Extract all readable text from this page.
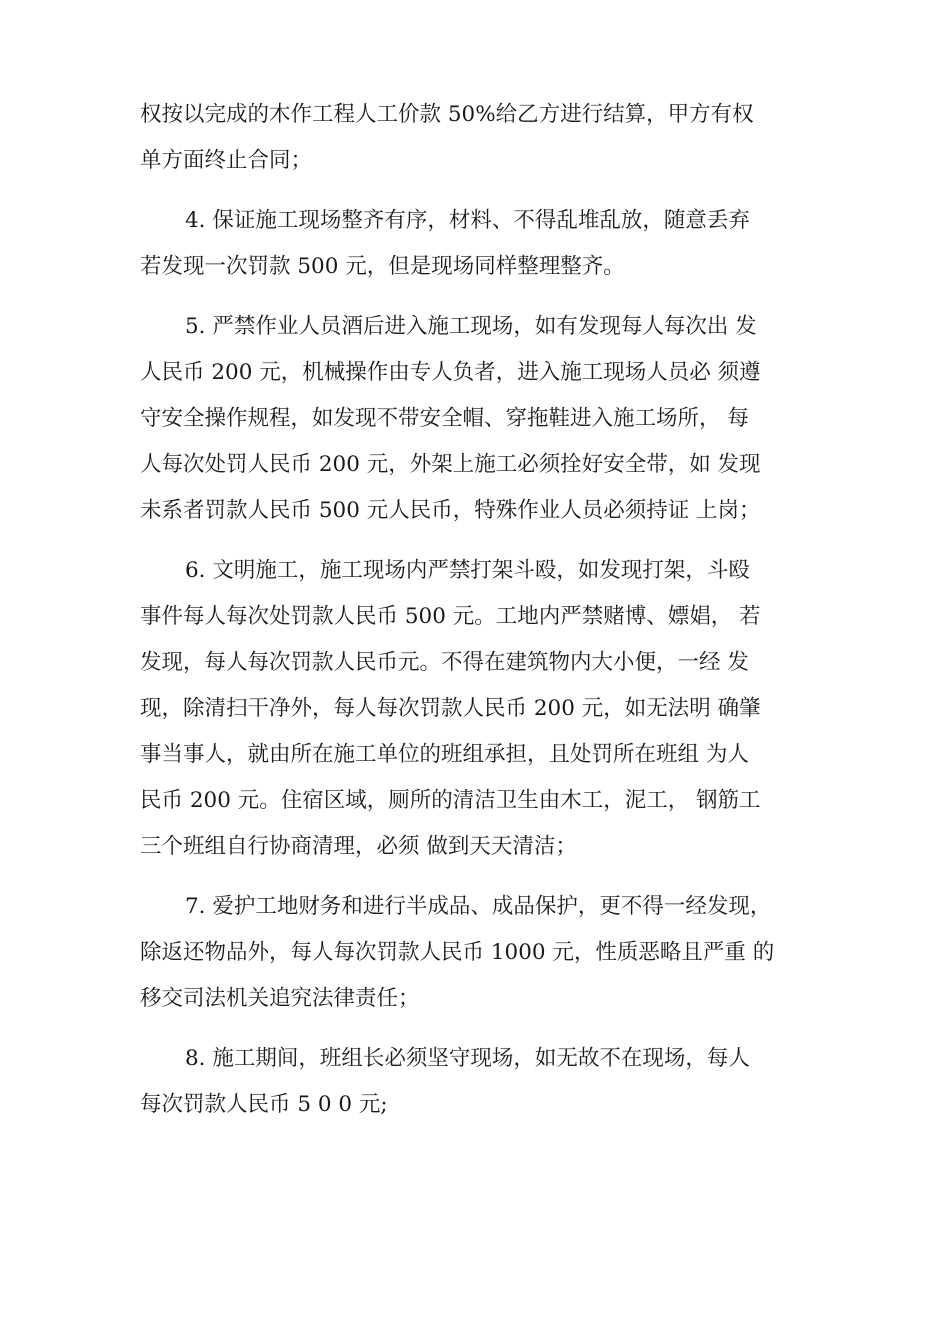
权按以完成的木作工程人工价款 50%给乙方进行结算，甲方有权
单方面终止合同；

4. 保证施工现场整齐有序，材料、不得乱堆乱放，随意丢弃
若发现一次罚款 500 元，但是现场同样整理整齐。

5. 严禁作业人员酒后进入施工现场，如有发现每人每次出 发
人民币 200 元，机械操作由专人负者，进入施工现场人员必 须遵
守安全操作规程，如发现不带安全帽、穿拖鞋进入施工场所， 每
人每次处罚人民币 200 元，外架上施工必须拴好安全带，如 发现
未系者罚款人民币 500 元人民币，特殊作业人员必须持证 上岗；

6. 文明施工，施工现场内严禁打架斗殴，如发现打架，斗殴
事件每人每次处罚款人民币 500 元。工地内严禁赌博、嫖娼， 若
发现，每人每次罚款人民币元。不得在建筑物内大小便，一经 发
现，除清扫干净外，每人每次罚款人民币 200 元，如无法明 确肇
事当事人，就由所在施工单位的班组承担，且处罚所在班组 为人
民币 200 元。住宿区域，厕所的清洁卫生由木工，泥工， 钢筋工
三个班组自行协商清理，必须 做到天天清洁；

7. 爱护工地财务和进行半成品、成品保护，更不得一经发现，
除返还物品外，每人每次罚款人民币 1000 元，性质恶略且严重 的
移交司法机关追究法律责任；

8. 施工期间，班组长必须坚守现场，如无故不在现场，每人
每次罚款人民币 5 0 0 元;
